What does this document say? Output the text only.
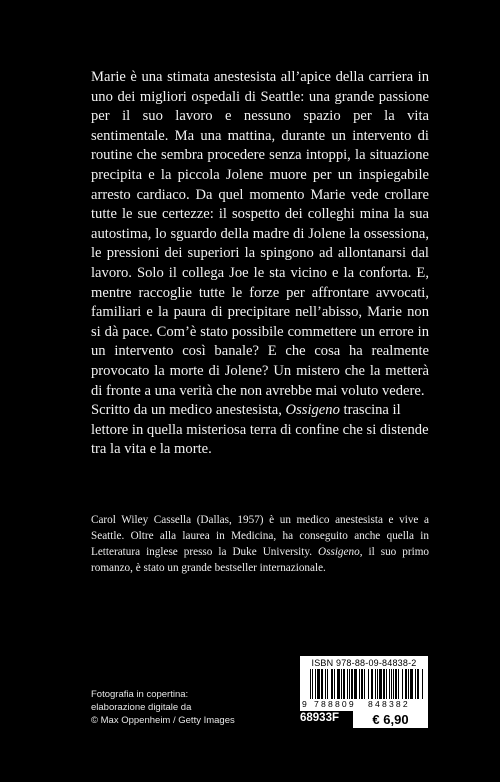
Marie è una stimata anestesista all’apice della carriera in uno dei migliori ospedali di Seattle: una grande passione per il suo lavoro e nessuno spazio per la vita sentimentale. Ma una mattina, durante un intervento di routine che sembra procedere senza intoppi, la situazione precipita e la piccola Jolene muore per un inspiegabile arresto cardiaco. Da quel momento Marie vede crollare tutte le sue certezze: il sospetto dei colleghi mina la sua autostima, lo sguardo della madre di Jolene la ossessiona, le pressioni dei superiori la spingono ad allontanarsi dal lavoro. Solo il collega Joe le sta vicino e la conforta. E, mentre raccoglie tutte le forze per affrontare avvocati, familiari e la paura di precipitare nell’abisso, Marie non si dà pace. Com’è stato possibile commettere un errore in un intervento così banale? E che cosa ha realmente provocato la morte di Jolene? Un mistero che la metterà di fronte a una verità che non avrebbe mai voluto vedere.

Scritto da un medico anestesista, Ossigeno trascina il lettore in quella misteriosa terra di confine che si distende tra la vita e la morte.

Carol Wiley Cassella (Dallas, 1957) è un medico anestesista e vive a Seattle. Oltre alla laurea in Medicina, ha conseguito anche quella in Letteratura inglese presso la Duke University. Ossigeno, il suo primo romanzo, è stato un grande bestseller internazionale.

Fotografia in copertina:
elaborazione digitale da
© Max Oppenheim / Getty Images
ISBN 978-88-09-84838-2
9 788809 848382
68933F	€ 6,90
